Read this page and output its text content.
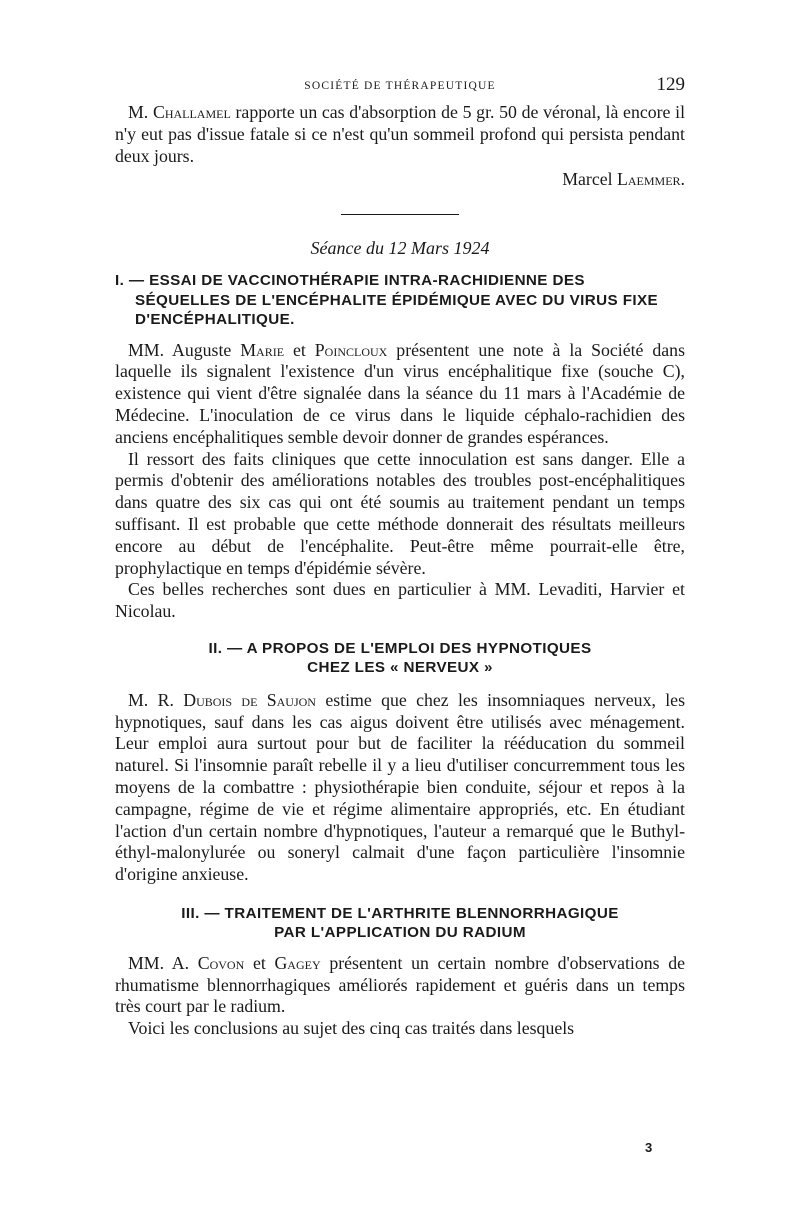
SOCIÉTÉ DE THÉRAPEUTIQUE	129

M. Challamel rapporte un cas d'absorption de 5 gr. 50 de véronal, là encore il n'y eut pas d'issue fatale si ce n'est qu'un sommeil profond qui persista pendant deux jours.

Marcel Laemmer.
Séance du 12 Mars 1924
I. — ESSAI DE VACCINOTHÉRAPIE INTRA-RACHIDIENNE DES SÉQUELLES DE L'ENCÉPHALITE ÉPIDÉMIQUE AVEC DU VIRUS FIXE D'ENCÉPHALITIQUE.

MM. Auguste Marie et Poincloux présentent une note à la Société dans laquelle ils signalent l'existence d'un virus encéphalitique fixe (souche C), existence qui vient d'être signalée dans la séance du 11 mars à l'Académie de Médecine. L'inoculation de ce virus dans le liquide céphalo-rachidien des anciens encéphalitiques semble devoir donner de grandes espérances.

Il ressort des faits cliniques que cette innoculation est sans danger. Elle a permis d'obtenir des améliorations notables des troubles post-encéphalitiques dans quatre des six cas qui ont été soumis au traitement pendant un temps suffisant. Il est probable que cette méthode donnerait des résultats meilleurs encore au début de l'encéphalite. Peut-être même pourrait-elle être, prophylactique en temps d'épidémie sévère.

Ces belles recherches sont dues en particulier à MM. Levaditi, Harvier et Nicolau.

II. — A PROPOS DE L'EMPLOI DES HYPNOTIQUES
CHEZ LES « NERVEUX »

M. R. Dubois de Saujon estime que chez les insomniaques nerveux, les hypnotiques, sauf dans les cas aigus doivent être utilisés avec ménagement. Leur emploi aura surtout pour but de faciliter la rééducation du sommeil naturel. Si l'insomnie paraît rebelle il y a lieu d'utiliser concurremment tous les moyens de la combattre : physiothérapie bien conduite, séjour et repos à la campagne, régime de vie et régime alimentaire appropriés, etc. En étudiant l'action d'un certain nombre d'hypnotiques, l'auteur a remarqué que le Buthyléthyl-malonylurée ou soneryl calmait d'une façon particulière l'insomnie d'origine anxieuse.

III. — TRAITEMENT DE L'ARTHRITE BLENNORRHAGIQUE
PAR L'APPLICATION DU RADIUM

MM. A. Covon et Gagey présentent un certain nombre d'observations de rhumatisme blennorrhagiques améliorés rapidement et guéris dans un temps très court par le radium.

Voici les conclusions au sujet des cinq cas traités dans lesquels

3
